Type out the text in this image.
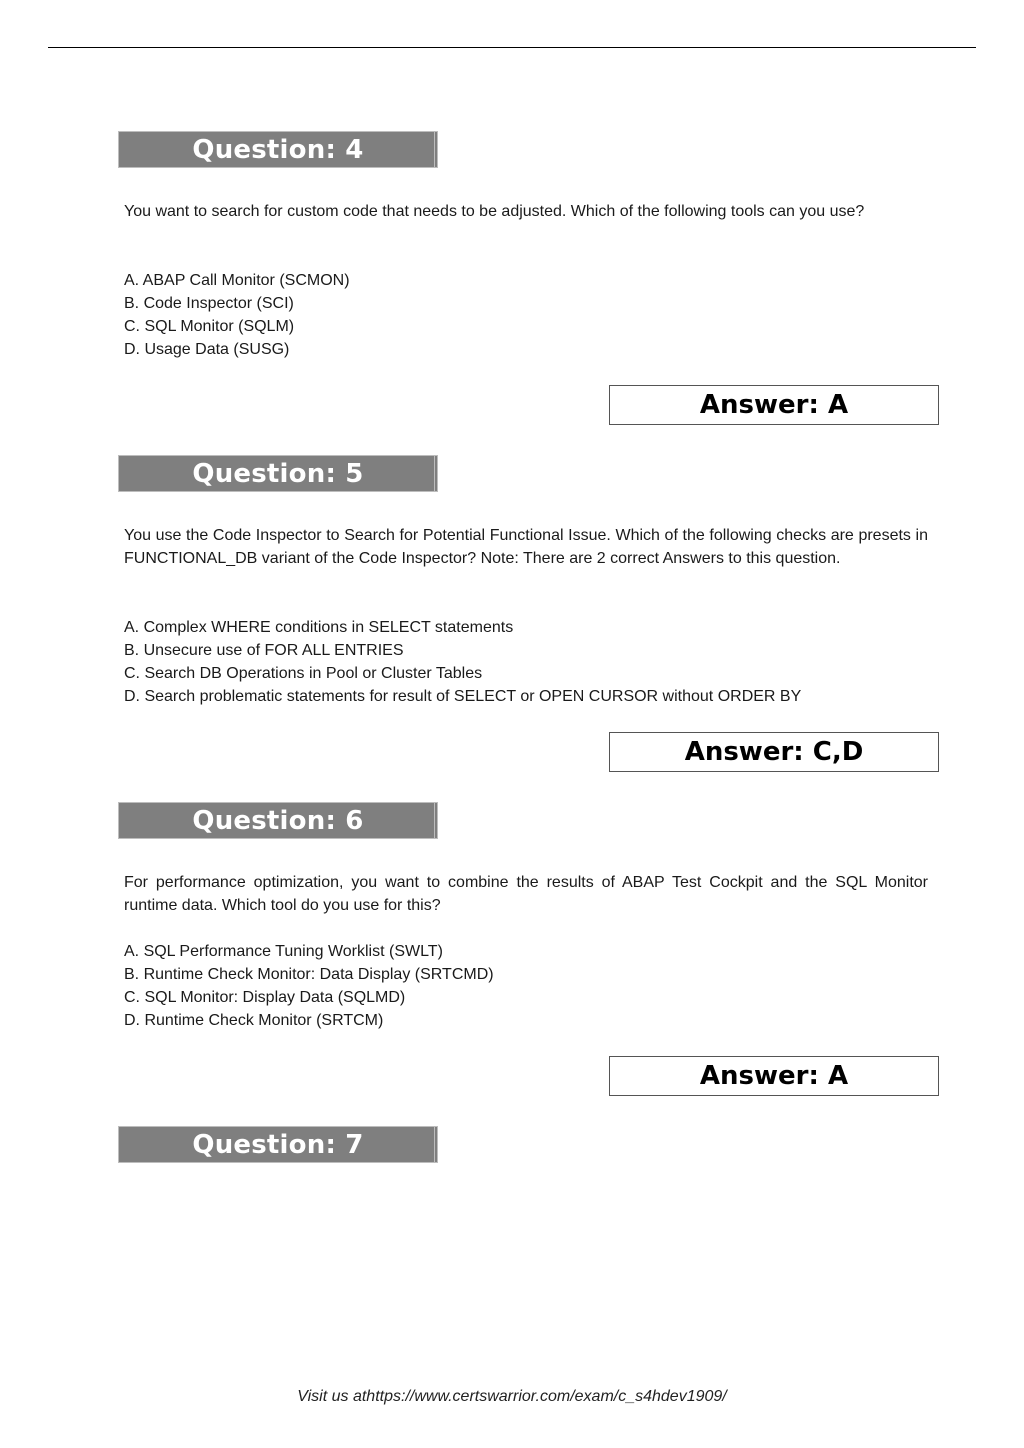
Question: 4
You want to search for custom code that needs to be adjusted. Which of the following tools can you use?
A. ABAP Call Monitor (SCMON)
B. Code Inspector (SCI)
C. SQL Monitor (SQLM)
D. Usage Data (SUSG)
Answer: A
Question: 5
You use the Code Inspector to Search for Potential Functional Issue. Which of the following checks are presets in FUNCTIONAL_DB variant of the Code Inspector? Note: There are 2 correct Answers to this question.
A. Complex WHERE conditions in SELECT statements
B. Unsecure use of FOR ALL ENTRIES
C. Search DB Operations in Pool or Cluster Tables
D. Search problematic statements for result of SELECT or OPEN CURSOR without ORDER BY
Answer: C,D
Question: 6
For performance optimization, you want to combine the results of ABAP Test Cockpit and the SQL Monitor runtime data. Which tool do you use for this?
A. SQL Performance Tuning Worklist (SWLT)
B. Runtime Check Monitor: Data Display (SRTCMD)
C. SQL Monitor: Display Data (SQLMD)
D. Runtime Check Monitor (SRTCM)
Answer: A
Question: 7
Visit us athttps://www.certswarrior.com/exam/c_s4hdev1909/
